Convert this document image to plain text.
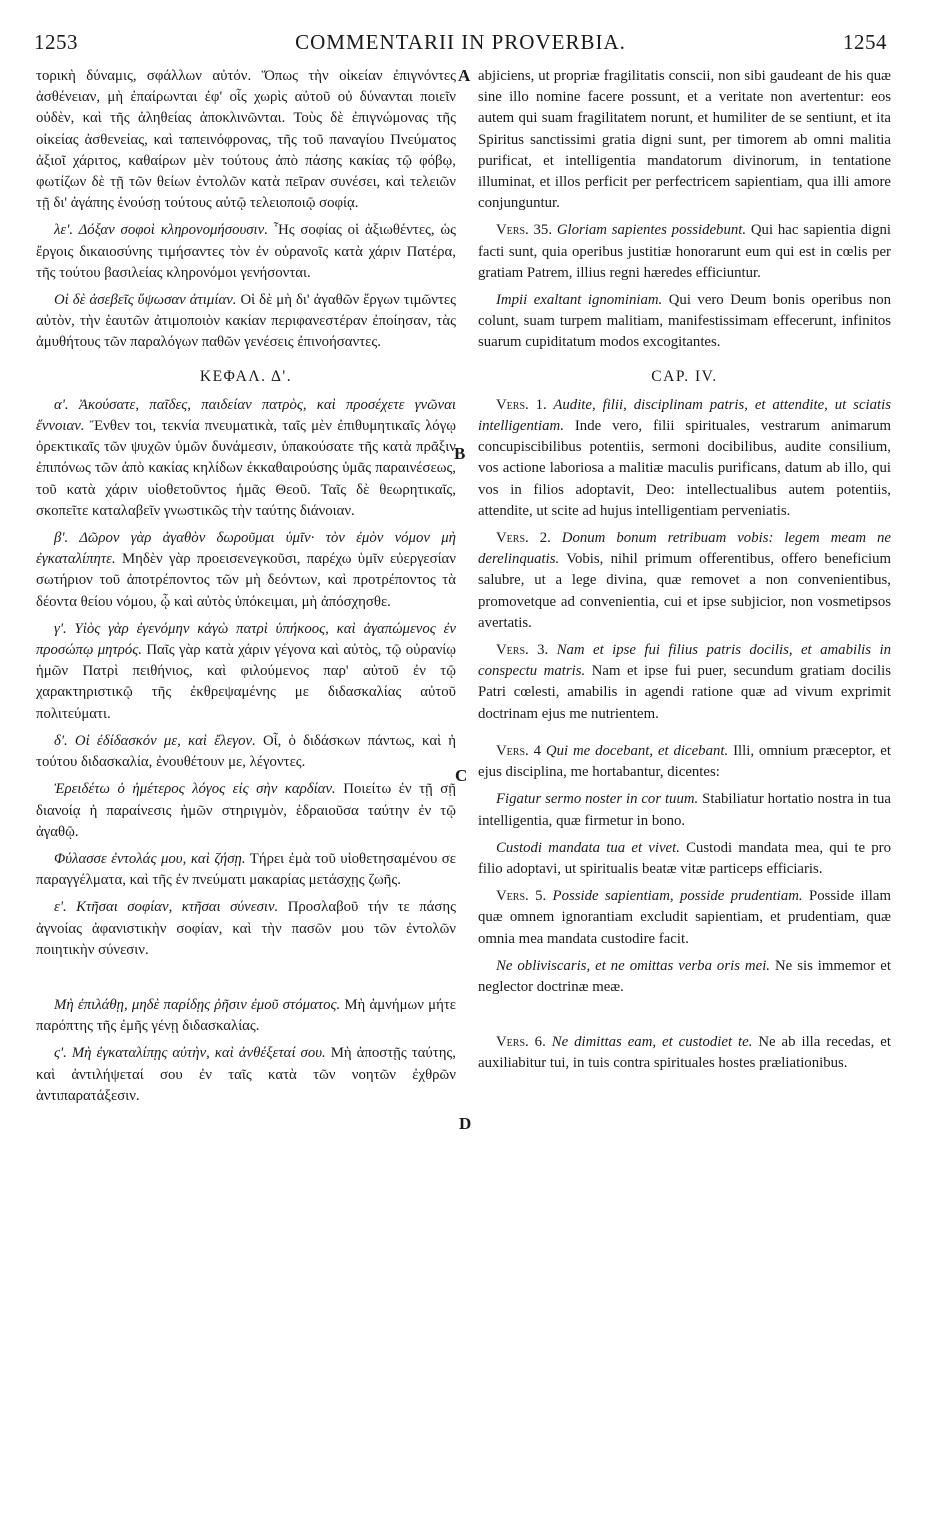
1253	COMMENTARII IN PROVERBIA.	1254
A
B
C
D

τορικὴ δύναμις, σφάλλων αὐτόν. Ὅπως τὴν οἰκείαν ἐπιγνόντες ἀσθένειαν, μὴ ἐπαίρωνται ἐφ' οἷς χωρὶς αὐτοῦ οὐ δύνανται ποιεῖν οὐδὲν, καὶ τῆς ἀληθείας ἀποκλινῶνται. Τοὺς δὲ ἐπιγνώμονας τῆς οἰκείας ἀσθενείας, καὶ ταπεινόφρονας, τῆς τοῦ παναγίου Πνεύματος ἀξιοῖ χάριτος, καθαίρων μὲν τούτους ἀπὸ πάσης κακίας τῷ φόβῳ, φωτίζων δὲ τῇ τῶν θείων ἐντολῶν κατὰ πεῖραν συνέσει, καὶ τελειῶν τῇ δι' ἀγάπης ἑνούσῃ τούτους αὐτῷ τελειοποιῷ σοφίᾳ.

λε'. Δόξαν σοφοὶ κληρονομήσουσιν. Ἧς σοφίας οἱ ἀξιωθέντες, ὡς ἔργοις δικαιοσύνης τιμήσαντες τὸν ἐν οὐρανοῖς κατὰ χάριν Πατέρα, τῆς τούτου βασιλείας κληρονόμοι γενήσονται.

Οἱ δὲ ἀσεβεῖς ὕψωσαν ἀτιμίαν. Οἱ δὲ μὴ δι' ἀγαθῶν ἔργων τιμῶντες αὐτὸν, τὴν ἑαυτῶν ἀτιμοποιὸν κακίαν περιφανεστέραν ἐποίησαν, τὰς ἀμυθήτους τῶν παραλόγων παθῶν γενέσεις ἐπινοήσαντες.

ΚΕΦΑΛ. Δ'.

α'. Ἀκούσατε, παῖδες, παιδείαν πατρὸς, καὶ προσέχετε γνῶναι ἔννοιαν. Ἔνθεν τοι, τεκνία πνευματικὰ, ταῖς μὲν ἐπιθυμητικαῖς λόγῳ ὀρεκτικαῖς τῶν ψυχῶν ὑμῶν δυνάμεσιν, ὑπακούσατε τῆς κατὰ πρᾶξιν ἐπιπόνως τῶν ἀπὸ κακίας κηλίδων ἐκκαθαιρούσης ὑμᾶς παραινέσεως, τοῦ κατὰ χάριν υἱοθετοῦντος ἡμᾶς Θεοῦ. Ταῖς δὲ θεωρητικαῖς, σκοπεῖτε καταλαβεῖν γνωστικῶς τὴν ταύτης διάνοιαν.

β'. Δῶρον γὰρ ἀγαθὸν δωροῦμαι ὑμῖν· τὸν ἐμὸν νόμον μὴ ἐγκαταλίπητε. Μηδὲν γὰρ προεισενεγκοῦσι, παρέχω ὑμῖν εὐεργεσίαν σωτήριον τοῦ ἀποτρέποντος τῶν μὴ δεόντων, καὶ προτρέποντος τὰ δέοντα θείου νόμου, ᾧ καὶ αὐτὸς ὑπόκειμαι, μὴ ἀπόσχησθε.

γ'. Υἱὸς γὰρ ἐγενόμην κἀγὼ πατρὶ ὑπήκοος, καὶ ἀγαπώμενος ἐν προσώπῳ μητρός. Παῖς γὰρ κατὰ χάριν γέγονα καὶ αὐτὸς, τῷ οὐρανίῳ ἡμῶν Πατρὶ πειθήνιος, καὶ φιλούμενος παρ' αὐτοῦ ἐν τῷ χαρακτηριστικῷ τῆς ἐκθρεψαμένης με διδασκαλίας αὐτοῦ πολιτεύματι.

δ'. Οἱ ἐδίδασκόν με, καὶ ἔλεγον. Οἷ, ὁ διδάσκων πάντως, καὶ ἡ τούτου διδασκαλία, ἐνουθέτουν με, λέγοντες.

Ἐρειδέτω ὁ ἡμέτερος λόγος εἰς σὴν καρδίαν. Ποιείτω ἐν τῇ σῇ διανοίᾳ ἡ παραίνεσις ἡμῶν στηριγμὸν, ἑδραιοῦσα ταύτην ἐν τῷ ἀγαθῷ.

Φύλασσε ἐντολάς μου, καὶ ζήσῃ. Τήρει ἐμὰ τοῦ υἱοθετησαμένου σε παραγγέλματα, καὶ τῆς ἐν πνεύματι μακαρίας μετάσχῃς ζωῆς.

ε'. Κτῆσαι σοφίαν, κτῆσαι σύνεσιν. Προσλαβοῦ τήν τε πάσης ἀγνοίας ἀφανιστικὴν σοφίαν, καὶ τὴν πασῶν μου τῶν ἐντολῶν ποιητικὴν σύνεσιν.

Μὴ ἐπιλάθῃ, μηδὲ παρίδῃς ῥῆσιν ἐμοῦ στόματος. Μὴ ἀμνήμων μήτε παρόπτης τῆς ἐμῆς γένῃ διδασκαλίας.

ς'. Μὴ ἐγκαταλίπῃς αὐτὴν, καὶ ἀνθέξεταί σου. Μὴ ἀποστῇς ταύτης, καὶ ἀντιλήψεταί σου ἐν ταῖς κατὰ τῶν νοητῶν ἐχθρῶν ἀντιπαρατάξεσιν.

abjiciens, ut propriæ fragilitatis conscii, non sibi gaudeant de his quæ sine illo nomine facere possunt, et a veritate non avertentur: eos autem qui suam fragilitatem norunt, et humiliter de se sentiunt, et ita Spiritus sanctissimi gratia digni sunt, per timorem ab omni malitia purificat, et intelligentia mandatorum divinorum, in tentatione illuminat, et illos perficit per perfectricem sapientiam, qua illi amore conjunguntur.

Vers. 35. Gloriam sapientes possidebunt. Qui hac sapientia digni facti sunt, quia operibus justitiæ honorarunt eum qui est in cœlis per gratiam Patrem, illius regni hæredes efficiuntur.

Impii exaltant ignominiam. Qui vero Deum bonis operibus non colunt, suam turpem malitiam, manifestissimam effecerunt, infinitos suarum cupiditatum modos excogitantes.

CAP. IV.

Vers. 1. Audite, filii, disciplinam patris, et attendite, ut sciatis intelligentiam. Inde vero, filii spirituales, vestrarum animarum concupiscibilibus potentiis, sermoni docibilibus, audite consilium, vos actione laboriosa a malitiæ maculis purificans, datum ab illo, qui vos in filios adoptavit, Deo: intellectualibus autem potentiis, attendite, ut scite ad hujus intelligentiam perveniatis.

Vers. 2. Donum bonum retribuam vobis: legem meam ne derelinquatis. Vobis, nihil primum offerentibus, offero beneficium salubre, ut a lege divina, quæ removet a non convenientibus, promovetque ad convenientia, cui et ipse subjicior, non vosmetipsos avertatis.

Vers. 3. Nam et ipse fui filius patris docilis, et amabilis in conspectu matris. Nam et ipse fui puer, secundum gratiam docilis Patri cœlesti, amabilis in agendi ratione quæ ad vivum exprimit doctrinam ejus me nutrientem.

Vers. 4 Qui me docebant, et dicebant. Illi, omnium præceptor, et ejus disciplina, me hortabantur, dicentes:

Figatur sermo noster in cor tuum. Stabiliatur hortatio nostra in tua intelligentia, quæ firmetur in bono.

Custodi mandata tua et vivet. Custodi mandata mea, qui te pro filio adoptavi, ut spiritualis beatæ vitæ particeps efficiaris.

Vers. 5. Posside sapientiam, posside prudentiam. Posside illam quæ omnem ignorantiam excludit sapientiam, et prudentiam, quæ omnia mea mandata custodire facit.

Ne obliviscaris, et ne omittas verba oris mei. Ne sis immemor et neglector doctrinæ meæ.

Vers. 6. Ne dimittas eam, et custodiet te. Ne ab illa recedas, et auxiliabitur tui, in tuis contra spirituales hostes præliationibus.
